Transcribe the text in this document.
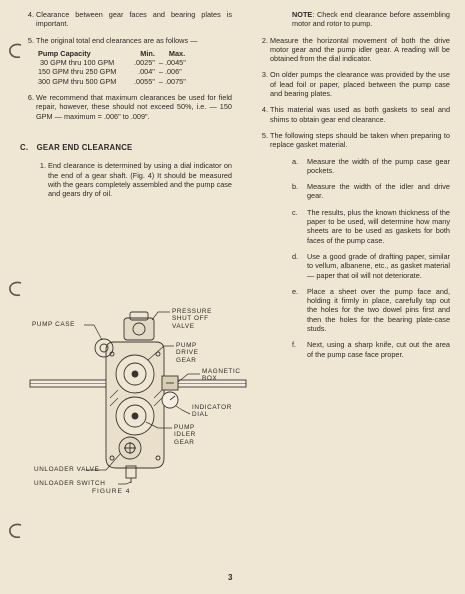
4. Clearance between gear faces and bearing plates is important.

5. The original total end clearances are as follows —

Pump Capacity	Min.	Max.
30 GPM thru 100 GPM	.0025"	– .0045"
150 GPM thru 250 GPM	.004"	– .006"
300 GPM thru 500 GPM	.0055"	– .0075"
6. We recommend that maximum clearances be used for field repair, however, these should not exceed 50%, i.e. — 150 GPM — maximum = .006" to .009".

C. GEAR END CLEARANCE
1. End clearance is determined by using a dial indicator on the end of a gear shaft. (Fig. 4) It should be measured with the gears completely assembled and the pump case and gears dry of oil.

PRESSURE SHUT OFF VALVE
PUMP CASE
PUMP DRIVE GEAR
MAGNETIC BOX
INDICATOR DIAL
PUMP IDLER GEAR
UNLOADER VALVE
UNLOADER SWITCH
FIGURE 4
NOTE: Check end clearance before assembling motor and rotor to pump.
2. Measure the horizontal movement of both the drive motor gear and the pump idler gear. A reading will be obtained from the dial indicator.

3. On older pumps the clearance was provided by the use of lead foil or paper, placed between the pump case and bearing plates.

4. This material was used as both gaskets to seal and shims to obtain gear end clearance.

5. The following steps should be taken when preparing to replace gasket material.

a. Measure the width of the pump case gear pockets.

b. Measure the width of the idler and drive gear.

c. The results, plus the known thickness of the paper to be used, will determine how many sheets are to be used as gaskets for both faces of the pump case.

d. Use a good grade of drafting paper, similar to vellum, albanene, etc., as gasket material — paper that oil will not deteriorate.

e. Place a sheet over the pump face and, holding it firmly in place, carefully tap out the holes for the two dowel pins first and then the holes for the bearing plate-case studs.

f. Next, using a sharp knife, cut out the area of the pump case face proper.

3
